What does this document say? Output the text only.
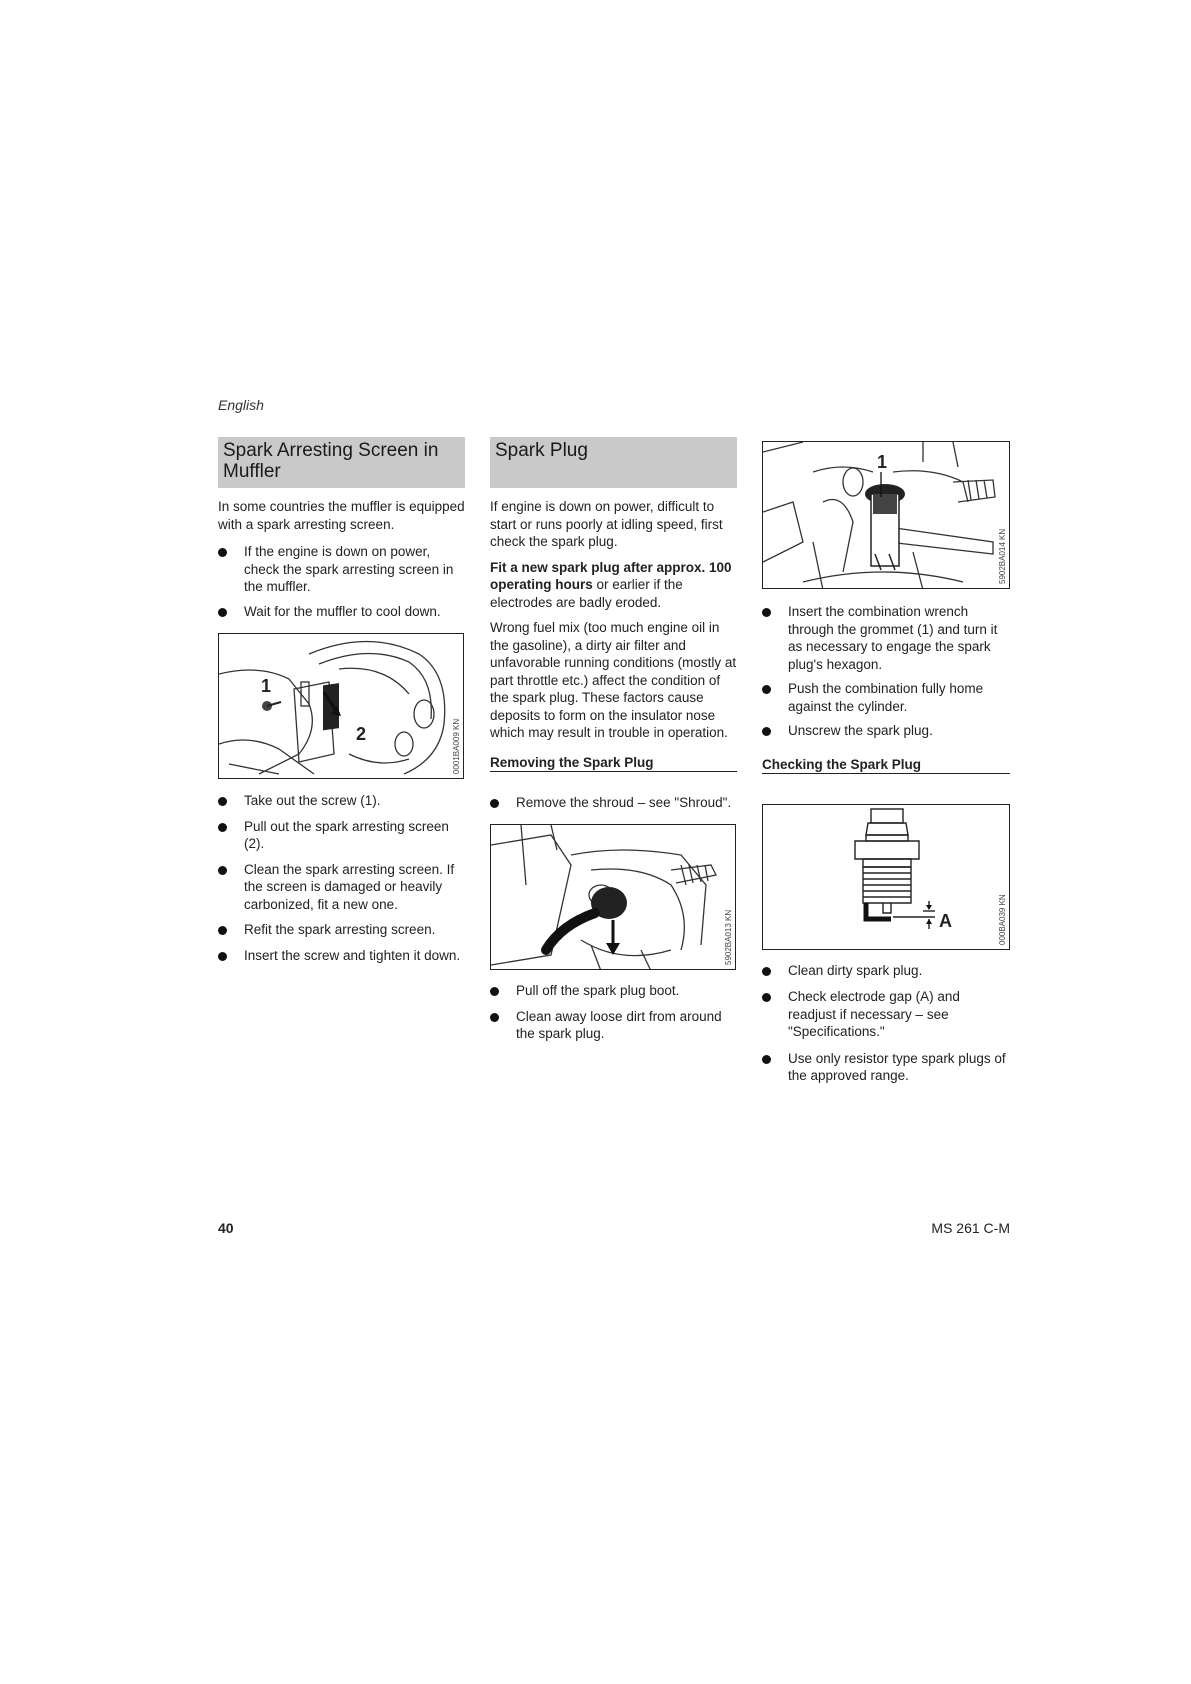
English
Spark Arresting Screen in Muffler

In some countries the muffler is equipped with a spark arresting screen.

If the engine is down on power, check the spark arresting screen in the muffler.
Wait for the muffler to cool down.
1
2	0001BA009 KN
Take out the screw (1).
Pull out the spark arresting screen (2).
Clean the spark arresting screen. If the screen is damaged or heavily carbonized, fit a new one.
Refit the spark arresting screen.
Insert the screw and tighten it down.
Spark Plug

If engine is down on power, difficult to start or runs poorly at idling speed, first check the spark plug.

Fit a new spark plug after approx. 100 operating hours or earlier if the electrodes are badly eroded.

Wrong fuel mix (too much engine oil in the gasoline), a dirty air filter and unfavorable running conditions (mostly at part throttle etc.) affect the condition of the spark plug. These factors cause deposits to form on the insulator nose which may result in trouble in operation.

Removing the Spark Plug
Remove the shroud – see "Shroud".
5902BA013 KN
Pull off the spark plug boot.
Clean away loose dirt from around the spark plug.
1
5902BA014 KN
Insert the combination wrench through the grommet (1) and turn it as necessary to engage the spark plug's hexagon.
Push the combination fully home against the cylinder.
Unscrew the spark plug.
Checking the Spark Plug
A	000BA039 KN
Clean dirty spark plug.
Check electrode gap (A) and readjust if necessary – see "Specifications."
Use only resistor type spark plugs of the approved range.
40	MS 261 C-M
